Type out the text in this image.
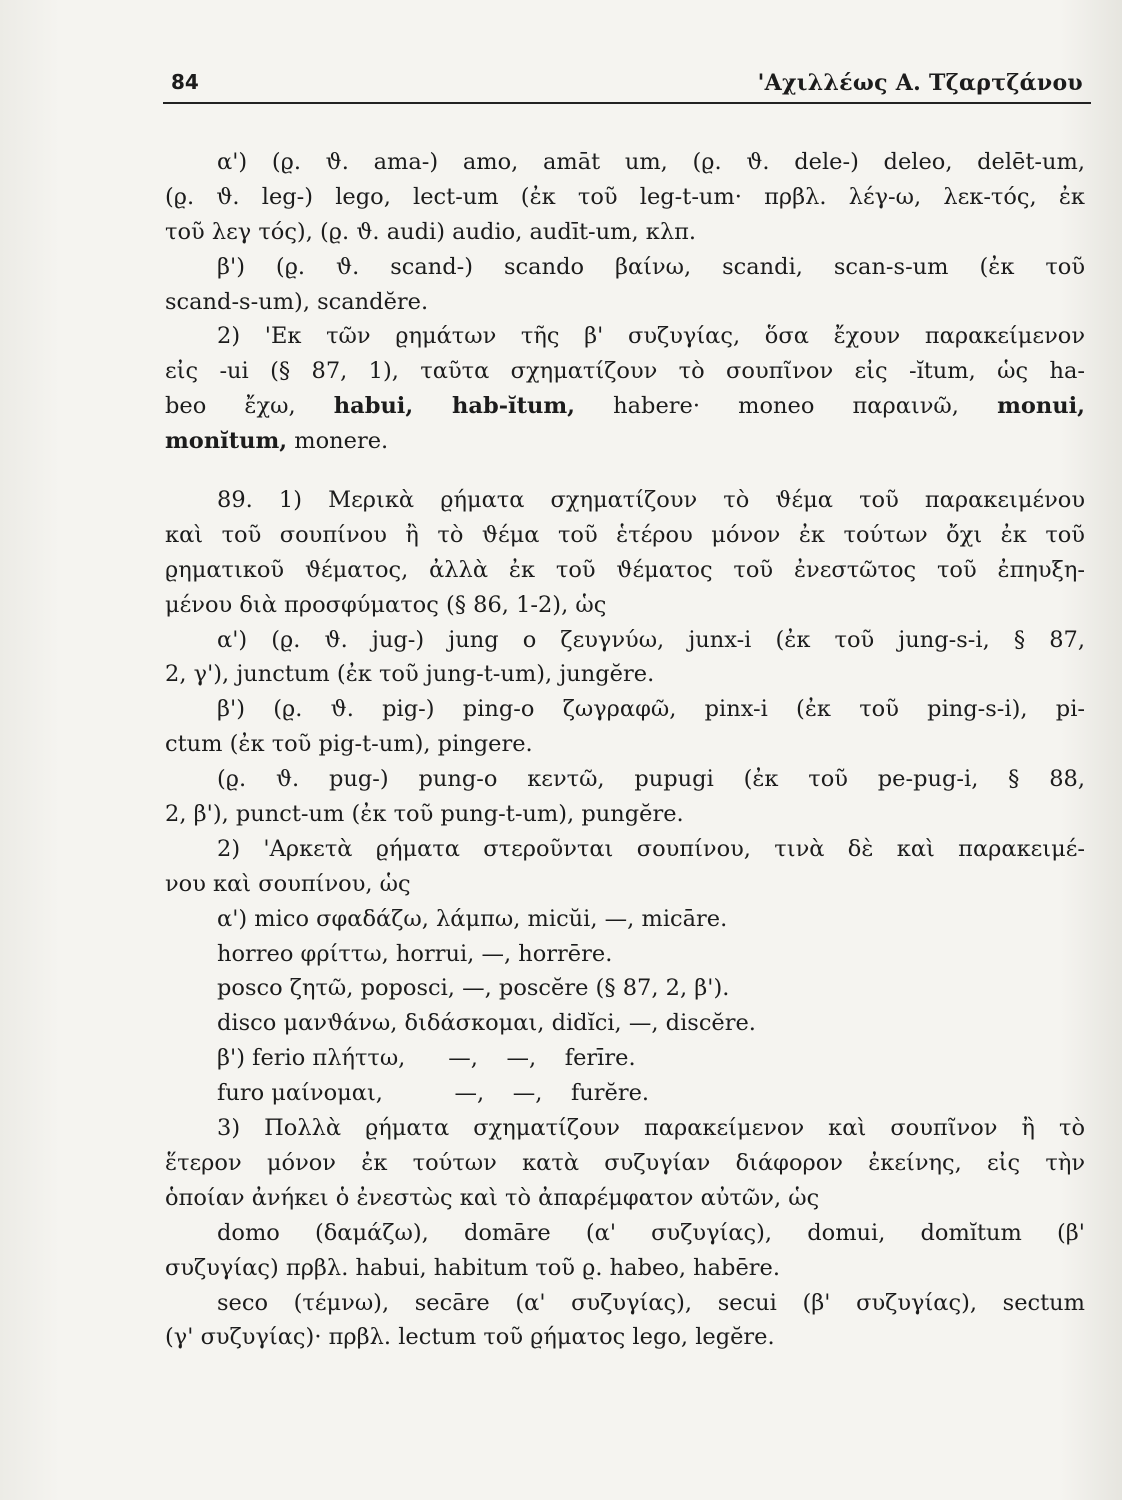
84	'Αχιλλέως Α. Τζαρτζάνου
α') (ϱ. ϑ. ama-) amo, amāt um, (ϱ. ϑ. dele-) deleo, delēt-um,
(ϱ. ϑ. leg-) lego, lect-um (ἐκ τοῦ leg-t-um· πρβλ. λέγ-ω, λεκ-τός, ἐκ
τοῦ λεγ τός), (ϱ. ϑ. audi) audio, audīt-um, κλπ.
β') (ϱ. ϑ. scand-) scando βαίνω, scandi, scan-s-um (ἐκ τοῦ
scand-s-um), scandĕre.
2) 'Εκ τῶν ϱημάτων τῆς β' συζυγίας, ὅσα ἔχουν παρακείμενον
εἰς -ui (§ 87, 1), ταῦτα σχηματίζουν τὸ σουπῖνον εἰς -ĭtum, ὡς ha-
beo ἔχω, habui, hab-ĭtum, habere· moneo παραινῶ, monui,
monĭtum, monere.
89. 1) Μερικὰ ϱήματα σχηματίζουν τὸ ϑέμα τοῦ παρακειμένου
καὶ τοῦ σουπίνου ἢ τὸ ϑέμα τοῦ ἑτέρου μόνον ἐκ τούτων ὄχι ἐκ τοῦ
ϱηματικοῦ ϑέματος, ἀλλὰ ἐκ τοῦ ϑέματος τοῦ ἐνεστῶτος τοῦ ἐπηυξη-
μένου διὰ προσφύματος (§ 86, 1-2), ὡς
α') (ϱ. ϑ. jug-) jung o ζευγνύω, junx-i (ἐκ τοῦ jung-s-i, § 87,
2, γ'), junctum (ἐκ τοῦ jung-t-um), jungĕre.
β') (ϱ. ϑ. pig-) ping-o ζωγραφῶ, pinx-i (ἐκ τοῦ ping-s-i), pi-
ctum (ἐκ τοῦ pig-t-um), pingere.
(ϱ. ϑ. pug-) pung-o κεντῶ, pupugi (ἐκ τοῦ pe-pug-i, § 88,
2, β'), punct-um (ἐκ τοῦ pung-t-um), pungĕre.
2) 'Αρκετὰ ϱήματα στεροῦνται σουπίνου, τινὰ δὲ καὶ παρακειμέ-
νου καὶ σουπίνου, ὡς
α') mico σφαδάζω, λάμπω, micŭi, —, micāre.
horreo φρίττω, horrui, —, horrēre.
posco ζητῶ, poposci, —, poscĕre (§ 87, 2, β').
disco μανϑάνω, διδάσκομαι, didĭci, —, discĕre.
β') ferio πλήττω,      —,    —,    ferīre.
furo μαίνομαι,          —,    —,    furĕre.
3) Πολλὰ ϱήματα σχηματίζουν παρακείμενον καὶ σουπῖνον ἢ τὸ
ἕτερον μόνον ἐκ τούτων κατὰ συζυγίαν διάφορον ἐκείνης, εἰς τὴν
ὁποίαν ἀνήκει ὁ ἐνεστὼς καὶ τὸ ἀπαρέμφατον αὐτῶν, ὡς
domo (δαμάζω), domāre (α' συζυγίας), domui, domĭtum (β'
συζυγίας) πρβλ. habui, habitum τοῦ ϱ. habeo, habēre.
seco (τέμνω), secāre (α' συζυγίας), secui (β' συζυγίας), sectum
(γ' συζυγίας)· πρβλ. lectum τοῦ ϱήματος lego, legĕre.
